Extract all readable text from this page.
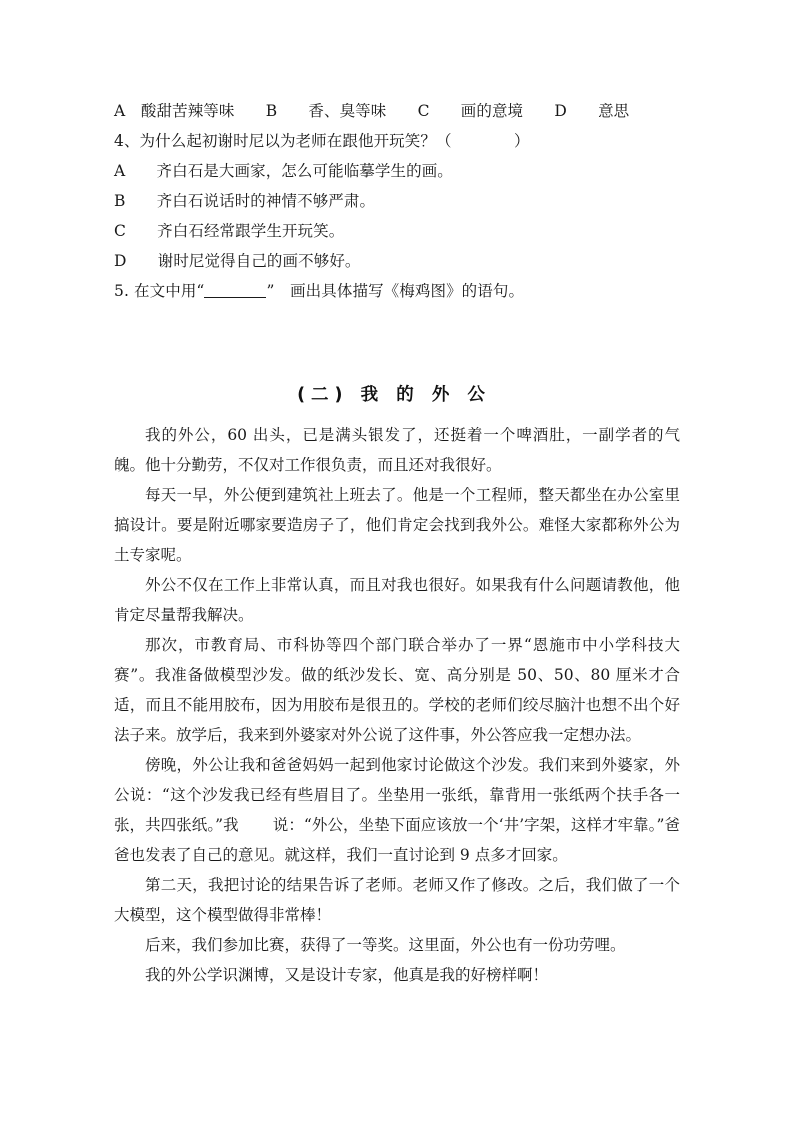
A　酸甜苦辣等味　　B　　香、臭等味　　C　　画的意境　　D　　意思
4、为什么起初谢时尼以为老师在跟他开玩笑？（　　　　）
A　　齐白石是大画家，怎么可能临摹学生的画。
B　　齐白石说话时的神情不够严肃。
C　　齐白石经常跟学生开玩笑。
D　　谢时尼觉得自己的画不够好。
5. 在文中用“	”　画出具体描写《梅鸡图》的语句。
(二) 我 的 外 公

我的外公，60 出头，已是满头银发了，还挺着一个啤酒肚，一副学者的气魄。他十分勤劳，不仅对工作很负责，而且还对我很好。

每天一早，外公便到建筑社上班去了。他是一个工程师，整天都坐在办公室里搞设计。要是附近哪家要造房子了，他们肯定会找到我外公。难怪大家都称外公为土专家呢。

外公不仅在工作上非常认真，而且对我也很好。如果我有什么问题请教他，他肯定尽量帮我解决。

那次，市教育局、市科协等四个部门联合举办了一界“恩施市中小学科技大赛”。我准备做模型沙发。做的纸沙发长、宽、高分别是 50、50、80 厘米才合适，而且不能用胶布，因为用胶布是很丑的。学校的老师们绞尽脑汁也想不出个好法子来。放学后，我来到外婆家对外公说了这件事，外公答应我一定想办法。

傍晚，外公让我和爸爸妈妈一起到他家讨论做这个沙发。我们来到外婆家，外公说：“这个沙发我已经有些眉目了。坐垫用一张纸，靠背用一张纸两个扶手各一张，共四张纸。”我 说：“外公，坐垫下面应该放一个‘井’字架，这样才牢靠。”爸爸也发表了自己的意见。就这样，我们一直讨论到 9 点多才回家。

第二天，我把讨论的结果告诉了老师。老师又作了修改。之后，我们做了一个大模型，这个模型做得非常棒！

后来，我们参加比赛，获得了一等奖。这里面，外公也有一份功劳哩。

我的外公学识渊博，又是设计专家，他真是我的好榜样啊！
